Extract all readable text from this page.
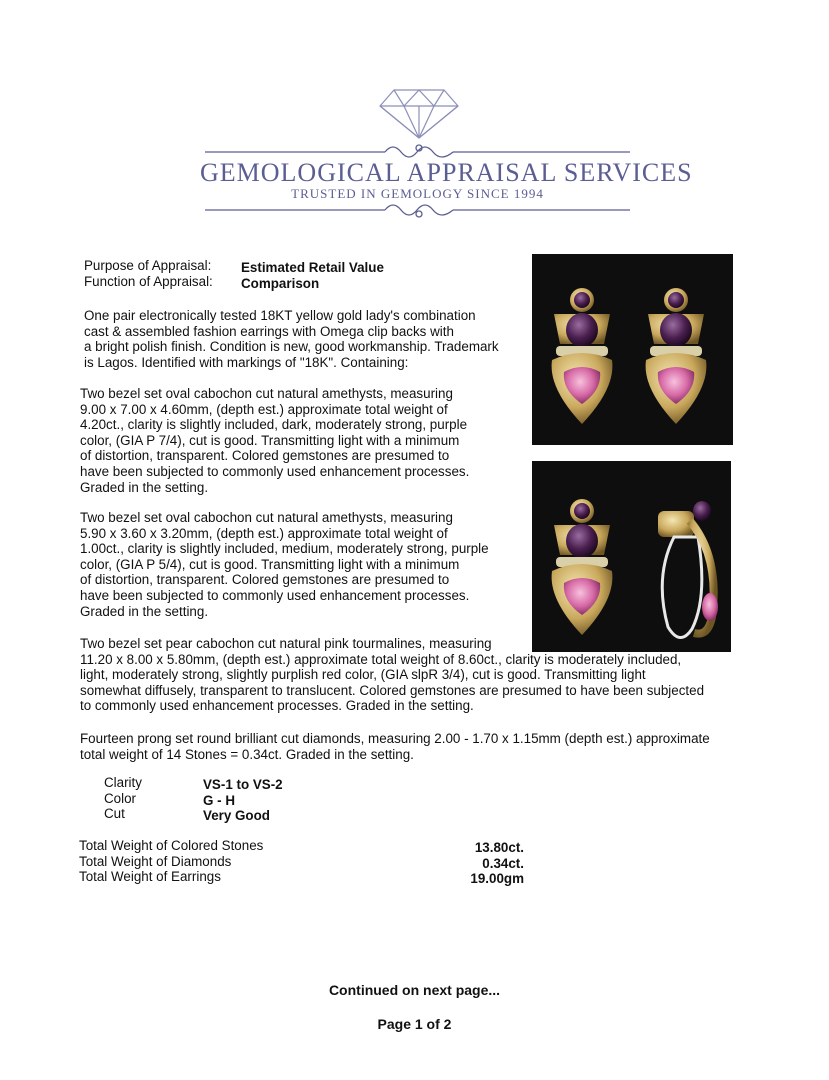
GEMOLOGICAL APPRAISAL SERVICES
TRUSTED IN GEMOLOGY SINCE 1994
Purpose of Appraisal:
Function of Appraisal:
Estimated Retail Value
Comparison
One pair electronically tested 18KT yellow gold lady's combination
cast & assembled fashion earrings with Omega clip backs with
a bright polish finish. Condition is new, good workmanship. Trademark
is Lagos. Identified with markings of "18K". Containing:
Two bezel set oval cabochon cut natural amethysts, measuring
9.00 x 7.00 x 4.60mm, (depth est.) approximate total weight of
4.20ct., clarity is slightly included, dark, moderately strong, purple
color, (GIA P 7/4), cut is good. Transmitting light with a minimum
of distortion, transparent. Colored gemstones are presumed to
have been subjected to commonly used enhancement processes.
Graded in the setting.
Two bezel set oval cabochon cut natural amethysts, measuring
5.90 x 3.60 x 3.20mm, (depth est.) approximate total weight of
1.00ct., clarity is slightly included, medium, moderately strong, purple
color, (GIA P 5/4), cut is good. Transmitting light with a minimum
of distortion, transparent. Colored gemstones are presumed to
have been subjected to commonly used enhancement processes.
Graded in the setting.
Two bezel set pear cabochon cut natural pink tourmalines, measuring
11.20 x 8.00 x 5.80mm, (depth est.) approximate total weight of 8.60ct., clarity is moderately included,
light, moderately strong, slightly purplish red color, (GIA slpR 3/4), cut is good. Transmitting light
somewhat diffusely, transparent to translucent. Colored gemstones are presumed to have been subjected
to commonly used enhancement processes. Graded in the setting.
Fourteen prong set round brilliant cut diamonds, measuring 2.00 - 1.70 x 1.15mm (depth est.) approximate
total weight of 14 Stones = 0.34ct. Graded in the setting.
Clarity
Color
Cut
VS-1 to VS-2
G - H
Very Good
Total Weight of Colored Stones
Total Weight of Diamonds
Total Weight of Earrings
13.80ct.
0.34ct.
19.00gm
Continued on next page...
Page 1 of 2
